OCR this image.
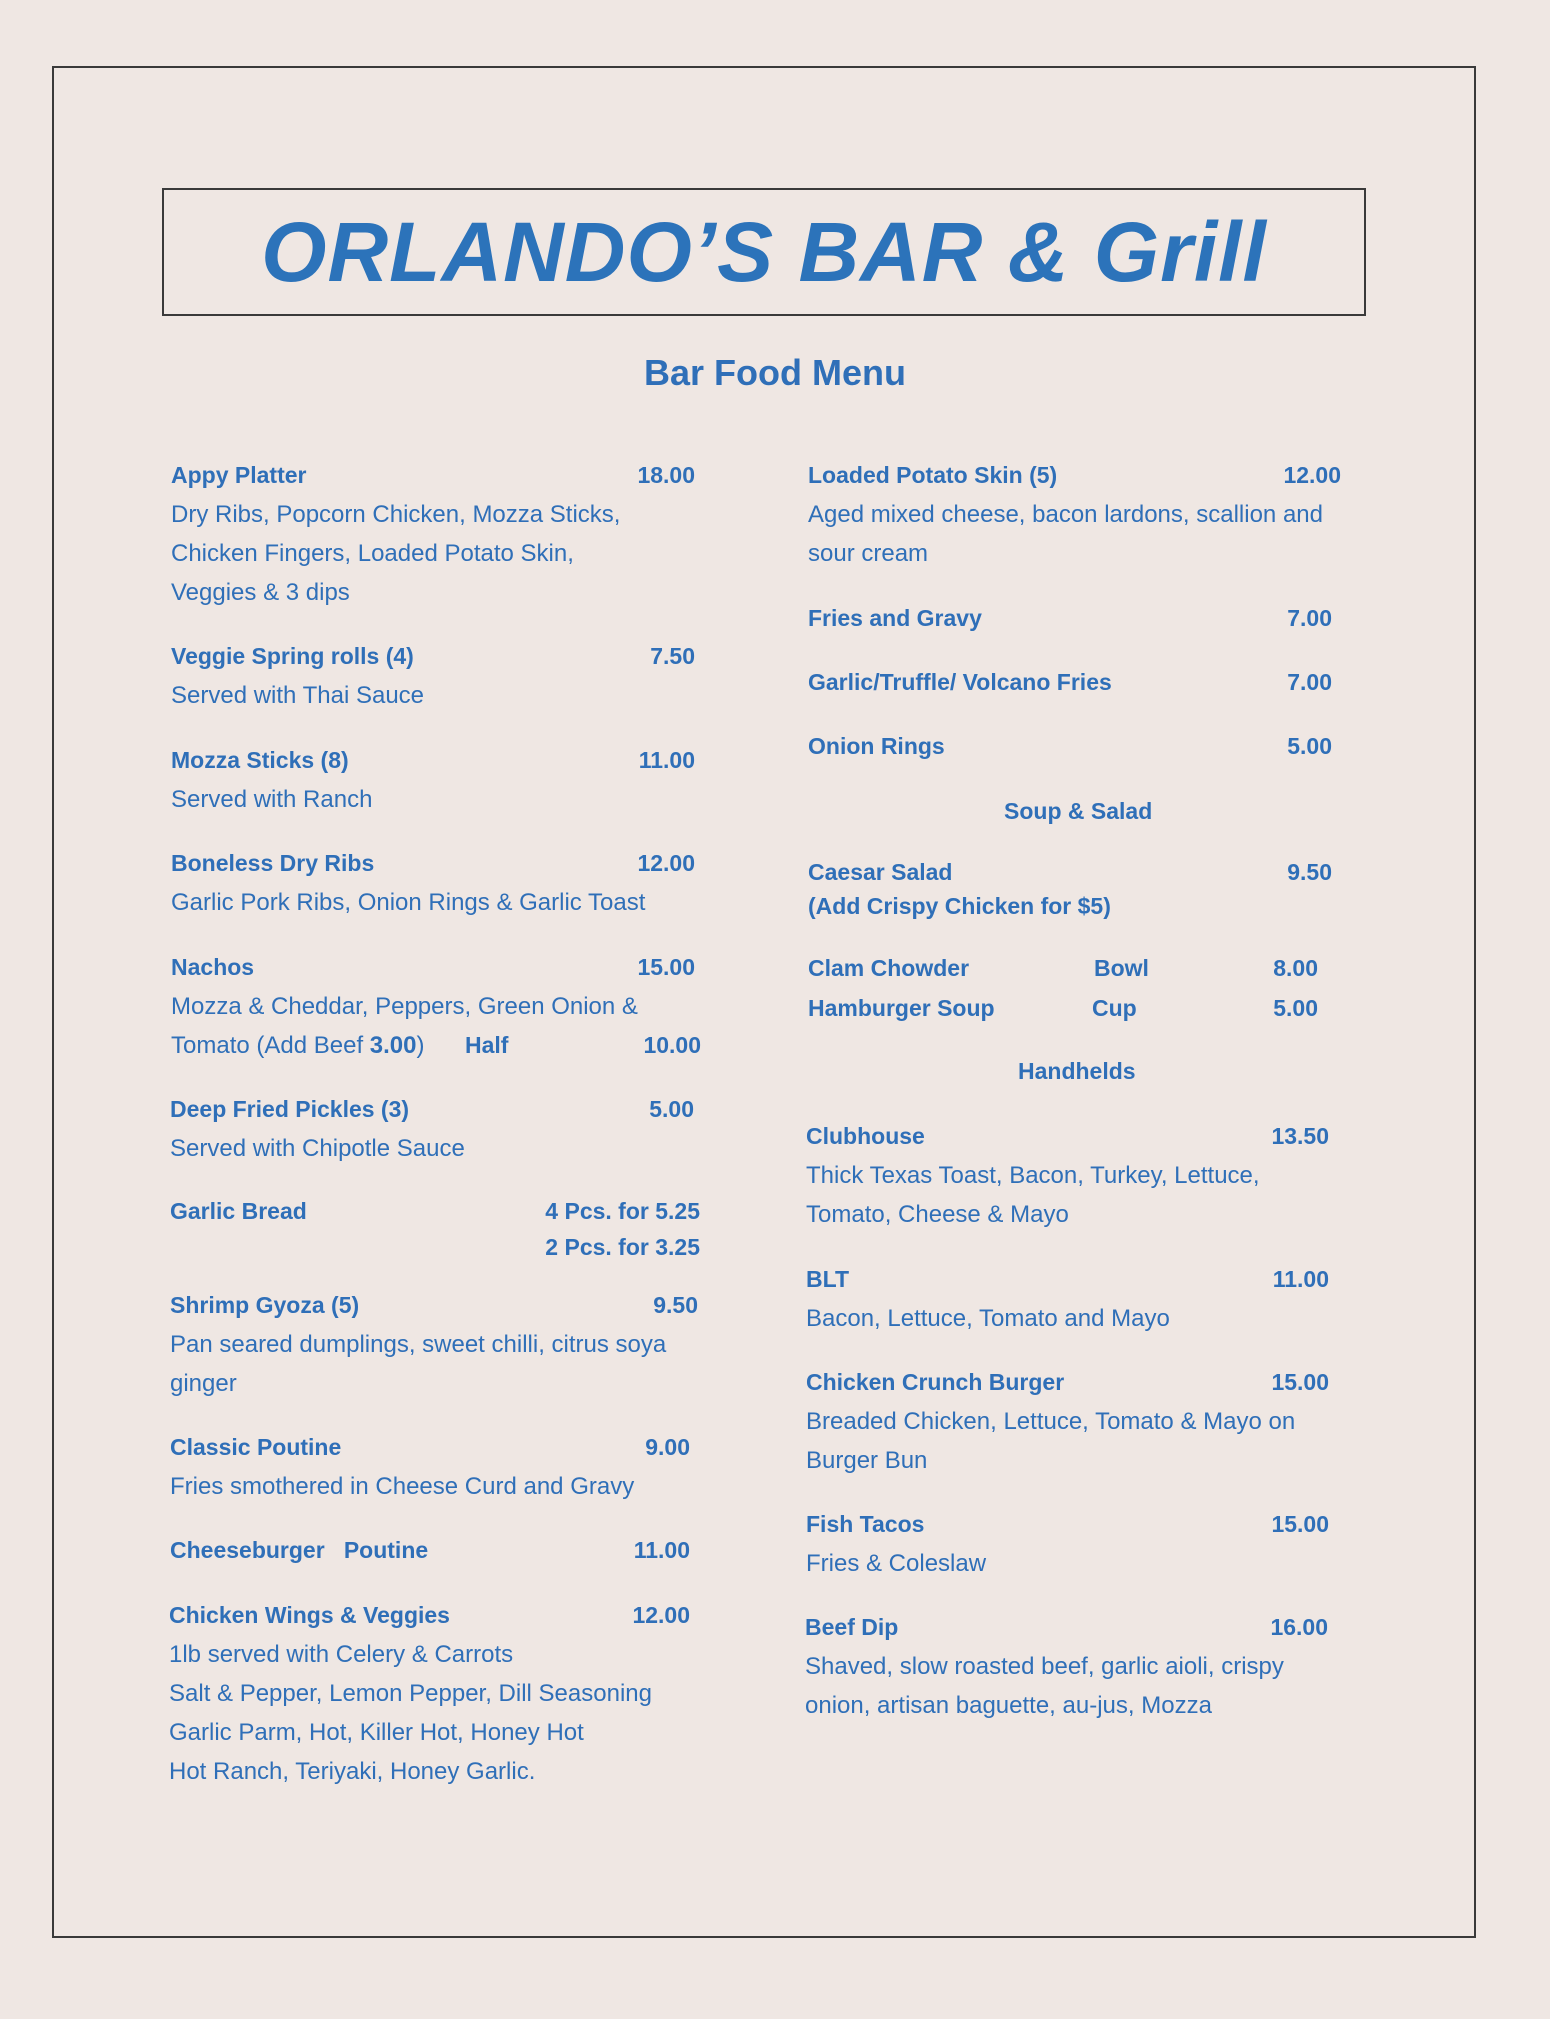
ORLANDO’S BAR & Grill
Bar Food Menu
Appy Platter	18.00
Dry Ribs, Popcorn Chicken, Mozza Sticks,
Chicken Fingers, Loaded Potato Skin,
Veggies & 3 dips
Veggie Spring rolls (4)	7.50
Served with Thai Sauce
Mozza Sticks (8)	11.00
Served with Ranch
Boneless Dry Ribs	12.00
Garlic Pork Ribs, Onion Rings & Garlic Toast
Nachos	15.00
Mozza & Cheddar, Peppers, Green Onion &
Tomato (Add Beef 3.00) Half	10.00
Deep Fried Pickles (3)	5.00
Served with Chipotle Sauce
Garlic Bread	4 Pcs. for 5.25
2 Pcs. for 3.25
Shrimp Gyoza (5)	9.50
Pan seared dumplings, sweet chilli, citrus soya
ginger
Classic Poutine	9.00
Fries smothered in Cheese Curd and Gravy
Cheeseburger   Poutine	11.00
Chicken Wings & Veggies	12.00
1lb served with Celery & Carrots
Salt & Pepper, Lemon Pepper, Dill Seasoning
Garlic Parm, Hot, Killer Hot, Honey Hot
Hot Ranch, Teriyaki, Honey Garlic.
Loaded Potato Skin (5)	12.00
Aged mixed cheese, bacon lardons, scallion and
sour cream
Fries and Gravy	7.00
Garlic/Truffle/ Volcano Fries	7.00
Onion Rings	5.00
Soup & Salad
Caesar Salad	9.50
(Add Crispy Chicken for $5)
Clam Chowder	Bowl	8.00
Hamburger Soup	Cup	5.00
Handhelds
Clubhouse	13.50
Thick Texas Toast, Bacon, Turkey, Lettuce,
Tomato, Cheese & Mayo
BLT	11.00
Bacon, Lettuce, Tomato and Mayo
Chicken Crunch Burger	15.00
Breaded Chicken, Lettuce, Tomato & Mayo on
Burger Bun
Fish Tacos	15.00
Fries & Coleslaw
Beef Dip	16.00
Shaved, slow roasted beef, garlic aioli, crispy
onion, artisan baguette, au-jus, Mozza
